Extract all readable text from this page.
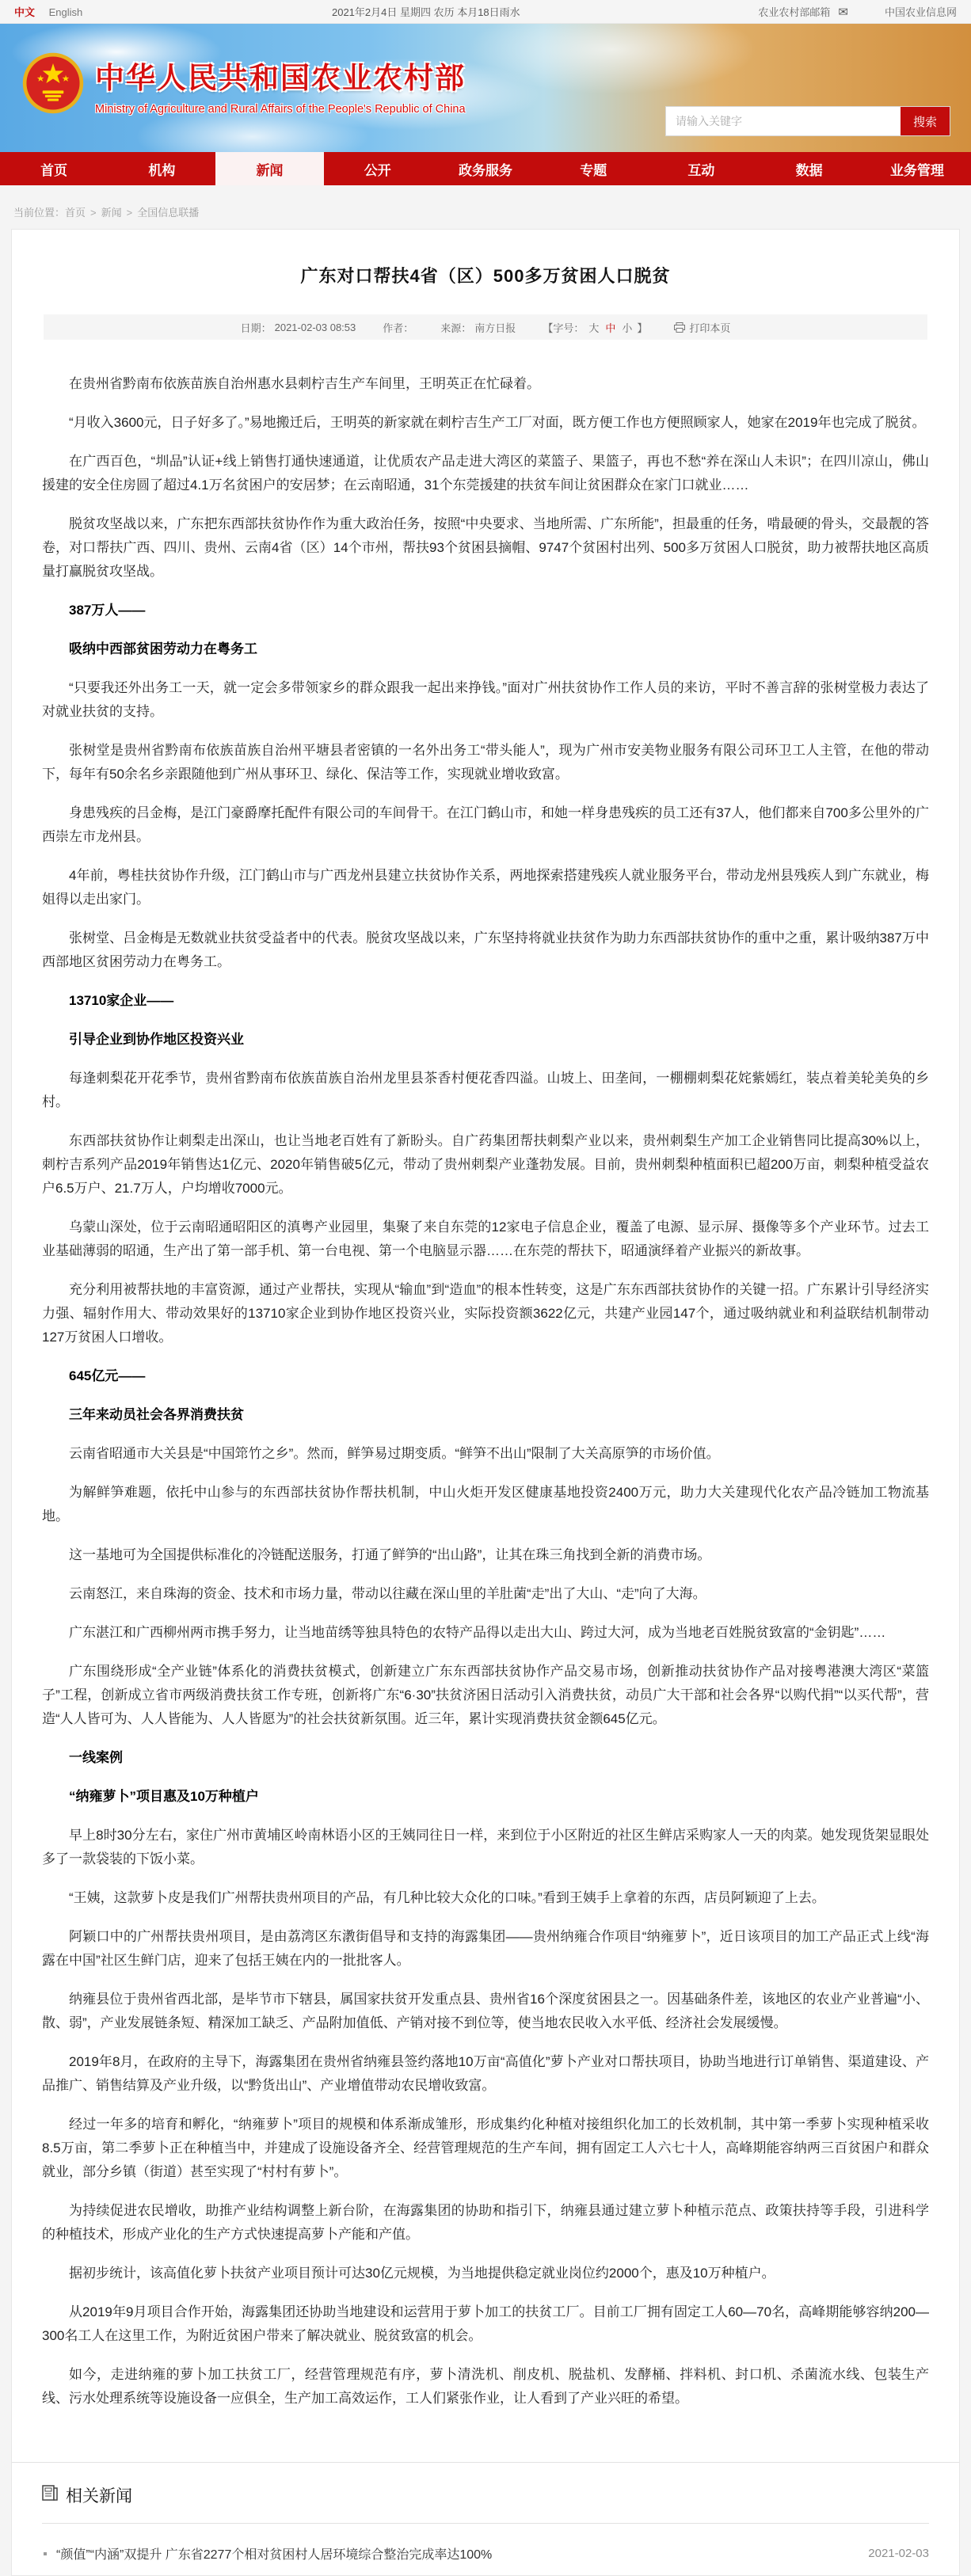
中文 English	2021年2月4日 星期四 农历 本月18日雨水	农业农村部邮箱 ✉	中国农业信息网
中华人民共和国农业农村部
Ministry of Agriculture and Rural Affairs of the People's Republic of China
请输入关键字
搜索
首页	机构	新闻	公开	政务服务	专题	互动	数据	业务管理
当前位置：首页 > 新闻 > 全国信息联播
广东对口帮扶4省（区）500多万贫困人口脱贫
日期： 2021-02-03 08:53	作者：	来源： 南方日报	【字号： 大 中 小 】	打印本页

在贵州省黔南布依族苗族自治州惠水县刺柠吉生产车间里，王明英正在忙碌着。

“月收入3600元，日子好多了。”易地搬迁后，王明英的新家就在刺柠吉生产工厂对面，既方便工作也方便照顾家人，她家在2019年也完成了脱贫。

在广西百色，“圳品”认证+线上销售打通快速通道，让优质农产品走进大湾区的菜篮子、果篮子，再也不愁“养在深山人未识”；在四川凉山，佛山援建的安全住房圆了超过4.1万名贫困户的安居梦；在云南昭通，31个东莞援建的扶贫车间让贫困群众在家门口就业……

脱贫攻坚战以来，广东把东西部扶贫协作作为重大政治任务，按照“中央要求、当地所需、广东所能”，担最重的任务，啃最硬的骨头，交最靓的答卷，对口帮扶广西、四川、贵州、云南4省（区）14个市州，帮扶93个贫困县摘帽、9747个贫困村出列、500多万贫困人口脱贫，助力被帮扶地区高质量打赢脱贫攻坚战。

387万人——

吸纳中西部贫困劳动力在粤务工

“只要我还外出务工一天，就一定会多带领家乡的群众跟我一起出来挣钱。”面对广州扶贫协作工作人员的来访，平时不善言辞的张树堂极力表达了对就业扶贫的支持。

张树堂是贵州省黔南布依族苗族自治州平塘县者密镇的一名外出务工“带头能人”，现为广州市安美物业服务有限公司环卫工人主管，在他的带动下，每年有50余名乡亲跟随他到广州从事环卫、绿化、保洁等工作，实现就业增收致富。

身患残疾的吕金梅，是江门豪爵摩托配件有限公司的车间骨干。在江门鹤山市，和她一样身患残疾的员工还有37人，他们都来自700多公里外的广西崇左市龙州县。

4年前，粤桂扶贫协作升级，江门鹤山市与广西龙州县建立扶贫协作关系，两地探索搭建残疾人就业服务平台，带动龙州县残疾人到广东就业，梅姐得以走出家门。

张树堂、吕金梅是无数就业扶贫受益者中的代表。脱贫攻坚战以来，广东坚持将就业扶贫作为助力东西部扶贫协作的重中之重，累计吸纳387万中西部地区贫困劳动力在粤务工。

13710家企业——

引导企业到协作地区投资兴业

每逢刺梨花开花季节，贵州省黔南布依族苗族自治州龙里县茶香村便花香四溢。山坡上、田垄间，一棚棚刺梨花姹紫嫣红，装点着美轮美奂的乡村。

东西部扶贫协作让刺梨走出深山，也让当地老百姓有了新盼头。自广药集团帮扶刺梨产业以来，贵州刺梨生产加工企业销售同比提高30%以上，刺柠吉系列产品2019年销售达1亿元、2020年销售破5亿元，带动了贵州刺梨产业蓬勃发展。目前，贵州刺梨种植面积已超200万亩，刺梨种植受益农户6.5万户、21.7万人，户均增收7000元。

乌蒙山深处，位于云南昭通昭阳区的滇粤产业园里，集聚了来自东莞的12家电子信息企业，覆盖了电源、显示屏、摄像等多个产业环节。过去工业基础薄弱的昭通，生产出了第一部手机、第一台电视、第一个电脑显示器……在东莞的帮扶下，昭通演绎着产业振兴的新故事。

充分利用被帮扶地的丰富资源，通过产业帮扶，实现从“输血”到“造血”的根本性转变，这是广东东西部扶贫协作的关键一招。广东累计引导经济实力强、辐射作用大、带动效果好的13710家企业到协作地区投资兴业，实际投资额3622亿元，共建产业园147个，通过吸纳就业和利益联结机制带动127万贫困人口增收。

645亿元——

三年来动员社会各界消费扶贫

云南省昭通市大关县是“中国筇竹之乡”。然而，鲜笋易过期变质。“鲜笋不出山”限制了大关高原笋的市场价值。

为解鲜笋难题，依托中山参与的东西部扶贫协作帮扶机制，中山火炬开发区健康基地投资2400万元，助力大关建现代化农产品冷链加工物流基地。

这一基地可为全国提供标准化的冷链配送服务，打通了鲜笋的“出山路”，让其在珠三角找到全新的消费市场。

云南怒江，来自珠海的资金、技术和市场力量，带动以往藏在深山里的羊肚菌“走”出了大山、“走”向了大海。

广东湛江和广西柳州两市携手努力，让当地苗绣等独具特色的农特产品得以走出大山、跨过大河，成为当地老百姓脱贫致富的“金钥匙”……

广东围绕形成“全产业链”体系化的消费扶贫模式，创新建立广东东西部扶贫协作产品交易市场，创新推动扶贫协作产品对接粤港澳大湾区“菜篮子”工程，创新成立省市两级消费扶贫工作专班，创新将广东“6·30”扶贫济困日活动引入消费扶贫，动员广大干部和社会各界“以购代捐”“以买代帮”，营造“人人皆可为、人人皆能为、人人皆愿为”的社会扶贫新氛围。近三年，累计实现消费扶贫金额645亿元。

一线案例

“纳雍萝卜”项目惠及10万种植户

早上8时30分左右，家住广州市黄埔区岭南林语小区的王姨同往日一样，来到位于小区附近的社区生鲜店采购家人一天的肉菜。她发现货架显眼处多了一款袋装的下饭小菜。

“王姨，这款萝卜皮是我们广州帮扶贵州项目的产品，有几种比较大众化的口味。”看到王姨手上拿着的东西，店员阿颖迎了上去。

阿颖口中的广州帮扶贵州项目，是由荔湾区东漖街倡导和支持的海露集团——贵州纳雍合作项目“纳雍萝卜”，近日该项目的加工产品正式上线“海露在中国”社区生鲜门店，迎来了包括王姨在内的一批批客人。

纳雍县位于贵州省西北部，是毕节市下辖县，属国家扶贫开发重点县、贵州省16个深度贫困县之一。因基础条件差，该地区的农业产业普遍“小、散、弱”，产业发展链条短、精深加工缺乏、产品附加值低、产销对接不到位等，使当地农民收入水平低、经济社会发展缓慢。

2019年8月，在政府的主导下，海露集团在贵州省纳雍县签约落地10万亩“高值化”萝卜产业对口帮扶项目，协助当地进行订单销售、渠道建设、产品推广、销售结算及产业升级，以“黔货出山”、产业增值带动农民增收致富。

经过一年多的培育和孵化，“纳雍萝卜”项目的规模和体系渐成雏形，形成集约化种植对接组织化加工的长效机制，其中第一季萝卜实现种植采收8.5万亩，第二季萝卜正在种植当中，并建成了设施设备齐全、经营管理规范的生产车间，拥有固定工人六七十人，高峰期能容纳两三百贫困户和群众就业，部分乡镇（街道）甚至实现了“村村有萝卜”。

为持续促进农民增收，助推产业结构调整上新台阶，在海露集团的协助和指引下，纳雍县通过建立萝卜种植示范点、政策扶持等手段，引进科学的种植技术，形成产业化的生产方式快速提高萝卜产能和产值。

据初步统计，该高值化萝卜扶贫产业项目预计可达30亿元规模，为当地提供稳定就业岗位约2000个，惠及10万种植户。

从2019年9月项目合作开始，海露集团还协助当地建设和运营用于萝卜加工的扶贫工厂。目前工厂拥有固定工人60—70名，高峰期能够容纳200—300名工人在这里工作，为附近贫困户带来了解决就业、脱贫致富的机会。

如今，走进纳雍的萝卜加工扶贫工厂，经营管理规范有序，萝卜清洗机、削皮机、脱盐机、发酵桶、拌料机、封口机、杀菌流水线、包装生产线、污水处理系统等设施设备一应俱全，生产加工高效运作，工人们紧张作业，让人看到了产业兴旺的希望。

相关新闻
“颜值”“内涵”双提升 广东省2277个相对贫困村人居环境综合整治完成率达100%	2021-02-03
